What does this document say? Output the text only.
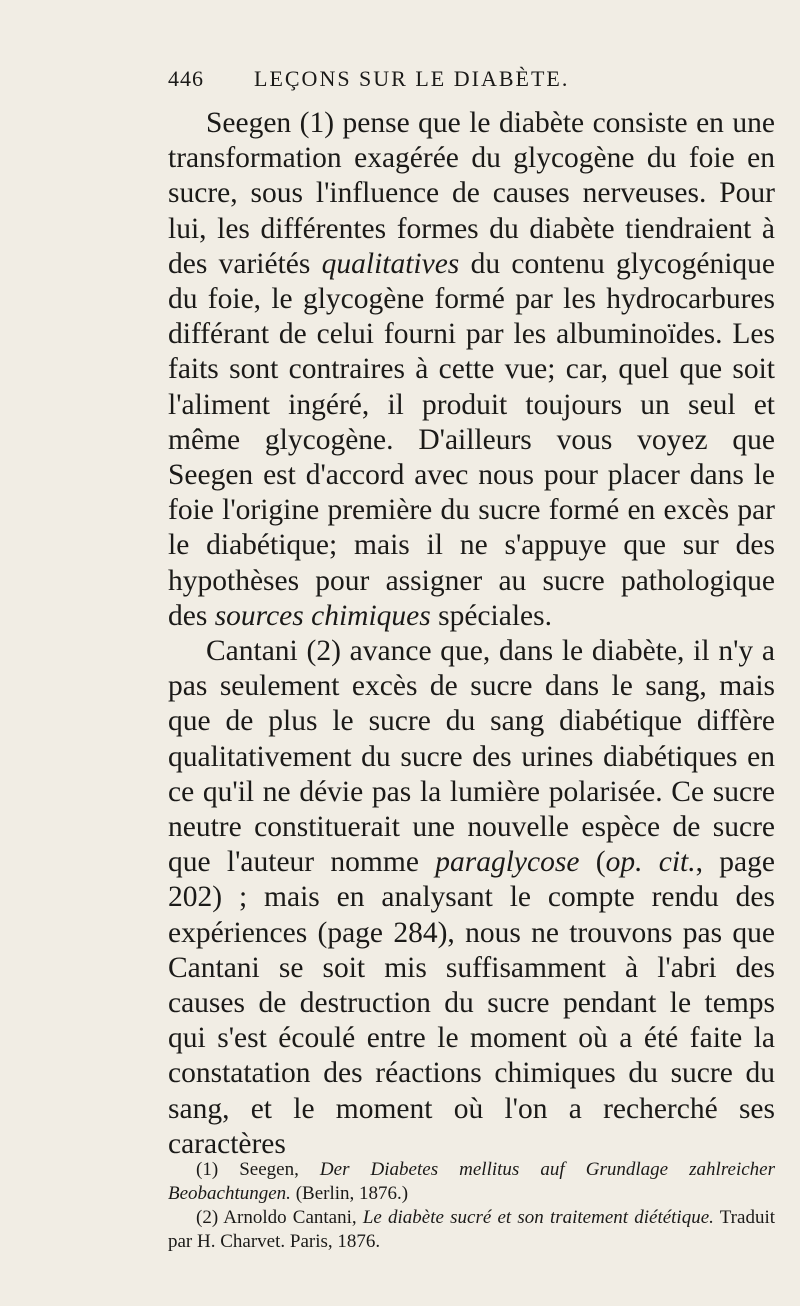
446 LEÇONS SUR LE DIABÈTE.

Seegen (1) pense que le diabète consiste en une transformation exagérée du glycogène du foie en sucre, sous l'influence de causes nerveuses. Pour lui, les différentes formes du diabète tiendraient à des variétés qualitatives du contenu glycogénique du foie, le glycogène formé par les hydrocarbures différant de celui fourni par les albuminoïdes. Les faits sont contraires à cette vue; car, quel que soit l'aliment ingéré, il produit toujours un seul et même glycogène. D'ailleurs vous voyez que Seegen est d'accord avec nous pour placer dans le foie l'origine première du sucre formé en excès par le diabétique; mais il ne s'appuye que sur des hypothèses pour assigner au sucre pathologique des sources chimiques spéciales.

Cantani (2) avance que, dans le diabète, il n'y a pas seulement excès de sucre dans le sang, mais que de plus le sucre du sang diabétique diffère qualitativement du sucre des urines diabétiques en ce qu'il ne dévie pas la lumière polarisée. Ce sucre neutre constituerait une nouvelle espèce de sucre que l'auteur nomme paraglycose (op. cit., page 202) ; mais en analysant le compte rendu des expériences (page 284), nous ne trouvons pas que Cantani se soit mis suffisamment à l'abri des causes de destruction du sucre pendant le temps qui s'est écoulé entre le moment où a été faite la constatation des réactions chimiques du sucre du sang, et le moment où l'on a recherché ses caractères

(1) Seegen, Der Diabetes mellitus auf Grundlage zahlreicher Beobachtungen. (Berlin, 1876.)

(2) Arnoldo Cantani, Le diabète sucré et son traitement diététique. Traduit par H. Charvet. Paris, 1876.
